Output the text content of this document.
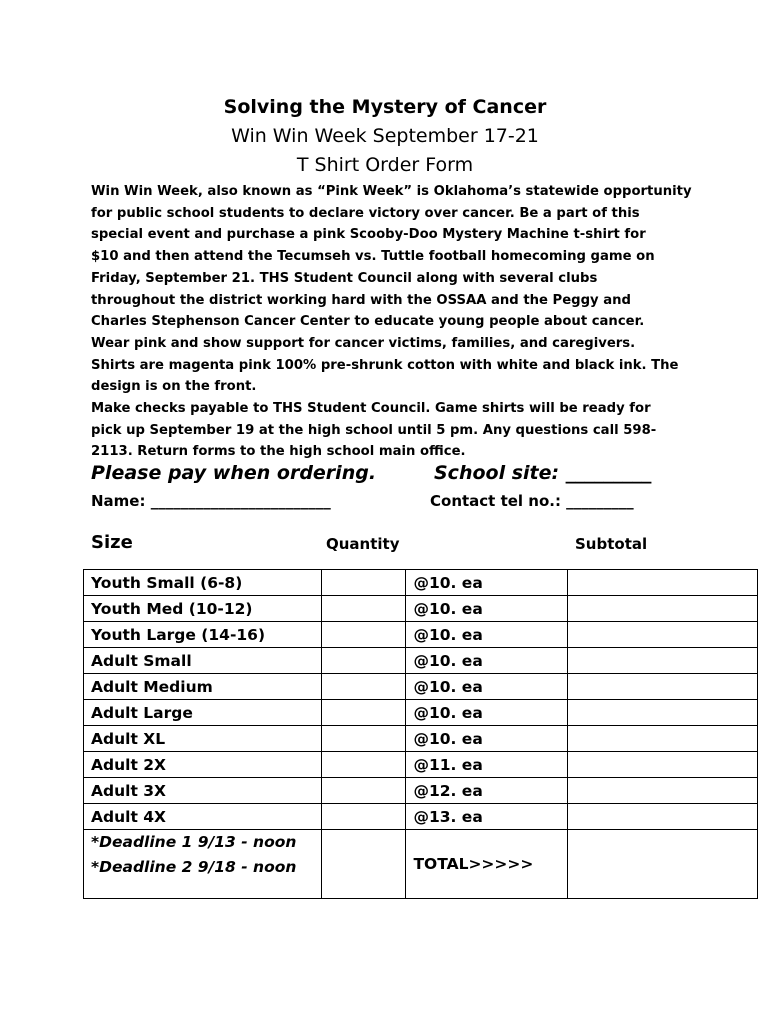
Solving the Mystery of Cancer
Win Win Week September 17-21
T Shirt Order Form
Win Win Week, also known as “Pink Week” is Oklahoma’s statewide opportunity
for public school students to declare victory over cancer. Be a part of this
special event and purchase a pink Scooby-Doo Mystery Machine t-shirt for
$10 and then attend the Tecumseh vs. Tuttle football homecoming game on
Friday, September 21. THS Student Council along with several clubs
throughout the district working hard with the OSSAA and the Peggy and
Charles Stephenson Cancer Center to educate young people about cancer.
Wear pink and show support for cancer victims, families, and caregivers.
Shirts are magenta pink 100% pre-shrunk cotton with white and black ink. The
design is on the front.
Make checks payable to THS Student Council. Game shirts will be ready for
pick up September 19 at the high school until 5 pm. Any questions call 598-
2113. Return forms to the high school main office.
Please pay when ordering.	School site: _________
Name: ________________________	Contact tel no.: _________
Size	Quantity	Subtotal
Youth Small (6-8)		@10. ea	
Youth Med (10-12)		@10. ea	
Youth Large (14-16)		@10. ea	
Adult Small		@10. ea	
Adult Medium		@10. ea	
Adult Large		@10. ea	
Adult XL		@10. ea	
Adult 2X		@11. ea	
Adult 3X		@12. ea	
Adult 4X		@13. ea	

*Deadline 1 9/13 - noon
*Deadline 2 9/18 - noon		TOTAL>>>>>	
